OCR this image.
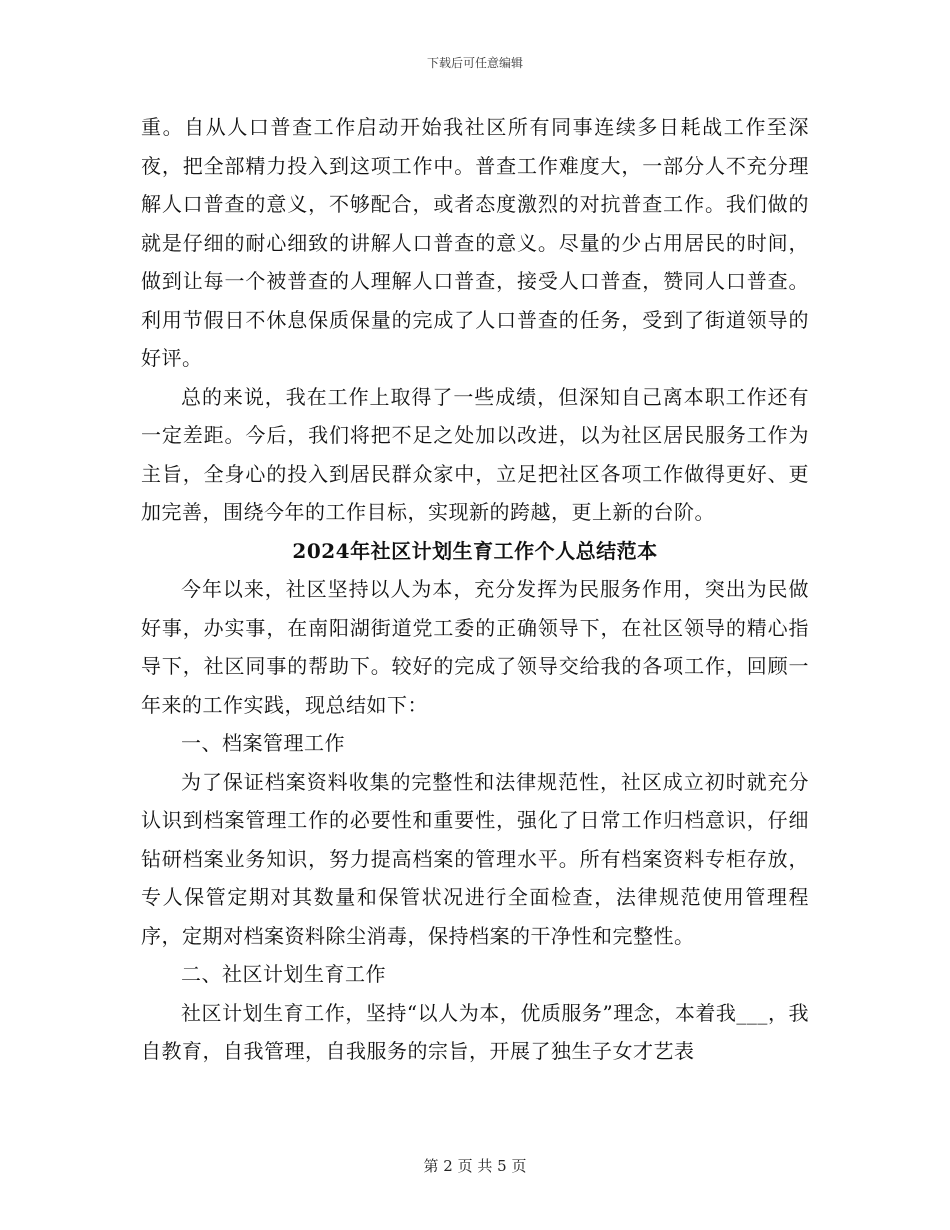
下载后可任意编辑

重。自从人口普查工作启动开始我社区所有同事连续多日耗战工作至深夜，把全部精力投入到这项工作中。普查工作难度大，一部分人不充分理解人口普查的意义，不够配合，或者态度激烈的对抗普查工作。我们做的就是仔细的耐心细致的讲解人口普查的意义。尽量的少占用居民的时间，做到让每一个被普查的人理解人口普查，接受人口普查，赞同人口普查。利用节假日不休息保质保量的完成了人口普查的任务，受到了街道领导的好评。

总的来说，我在工作上取得了一些成绩，但深知自己离本职工作还有一定差距。今后，我们将把不足之处加以改进，以为社区居民服务工作为主旨，全身心的投入到居民群众家中，立足把社区各项工作做得更好、更加完善，围绕今年的工作目标，实现新的跨越，更上新的台阶。

2024年社区计划生育工作个人总结范本

今年以来，社区坚持以人为本，充分发挥为民服务作用，突出为民做好事，办实事，在南阳湖街道党工委的正确领导下，在社区领导的精心指导下，社区同事的帮助下。较好的完成了领导交给我的各项工作，回顾一年来的工作实践，现总结如下：

一、档案管理工作

为了保证档案资料收集的完整性和法律规范性，社区成立初时就充分认识到档案管理工作的必要性和重要性，强化了日常工作归档意识，仔细钻研档案业务知识，努力提高档案的管理水平。所有档案资料专柜存放，专人保管定期对其数量和保管状况进行全面检查，法律规范使用管理程序，定期对档案资料除尘消毒，保持档案的干净性和完整性。

二、社区计划生育工作

社区计划生育工作，坚持“以人为本，优质服务”理念，本着我___，我自教育，自我管理，自我服务的宗旨，开展了独生子女才艺表

第 2 页 共 5 页
